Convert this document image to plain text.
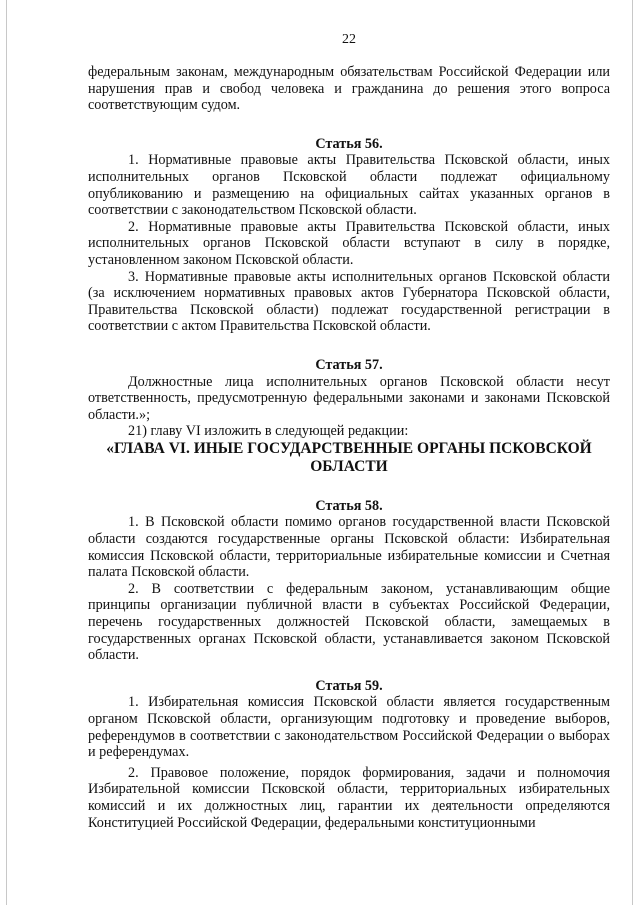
22

федеральным законам, международным обязательствам Российской Федерации или нарушения прав и свобод человека и гражданина до решения этого вопроса соответствующим судом.

Статья 56.

1. Нормативные правовые акты Правительства Псковской области, иных исполнительных органов Псковской области подлежат официальному опубликованию и размещению на официальных сайтах указанных органов в соответствии с законодательством Псковской области.

2. Нормативные правовые акты Правительства Псковской области, иных исполнительных органов Псковской области вступают в силу в порядке, установленном законом Псковской области.

3. Нормативные правовые акты исполнительных органов Псковской области (за исключением нормативных правовых актов Губернатора Псковской области, Правительства Псковской области) подлежат государственной регистрации в соответствии с актом Правительства Псковской области.

Статья 57.

Должностные лица исполнительных органов Псковской области несут ответственность, предусмотренную федеральными законами и законами Псковской области.»;

21) главу VI изложить в следующей редакции:

«ГЛАВА VI. ИНЫЕ ГОСУДАРСТВЕННЫЕ ОРГАНЫ ПСКОВСКОЙ

ОБЛАСТИ

Статья 58.

1. В Псковской области помимо органов государственной власти Псковской области создаются государственные органы Псковской области: Избирательная комиссия Псковской области, территориальные избирательные комиссии и Счетная палата Псковской области.

2. В соответствии с федеральным законом, устанавливающим общие принципы организации публичной власти в субъектах Российской Федерации, перечень государственных должностей Псковской области, замещаемых в государственных органах Псковской области, устанавливается законом Псковской области.

Статья 59.

1. Избирательная комиссия Псковской области является государственным органом Псковской области, организующим подготовку и проведение выборов, референдумов в соответствии с законодательством Российской Федерации о выборах и референдумах.

2. Правовое положение, порядок формирования, задачи и полномочия Избирательной комиссии Псковской области, территориальных избирательных комиссий и их должностных лиц, гарантии их деятельности определяются Конституцией Российской Федерации, федеральными конституционными
